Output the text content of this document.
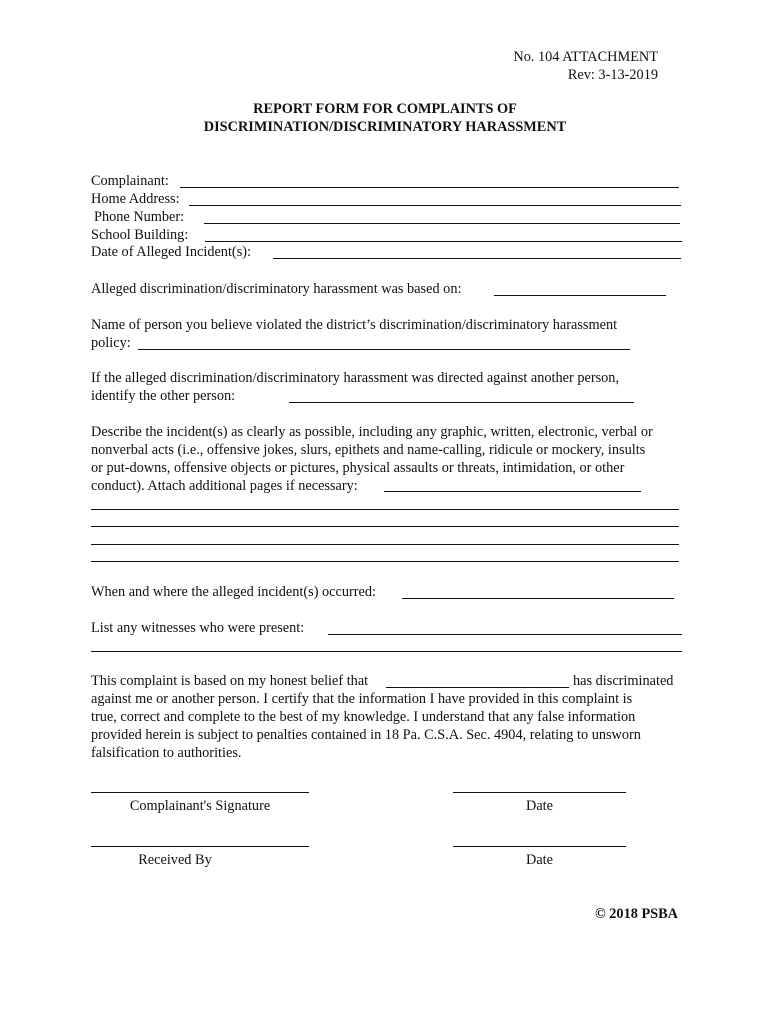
No. 104 ATTACHMENT
Rev: 3-13-2019
REPORT FORM FOR COMPLAINTS OF
DISCRIMINATION/DISCRIMINATORY HARASSMENT
Complainant:
Home Address:
Phone Number:
School Building:
Date of Alleged Incident(s):
Alleged discrimination/discriminatory harassment was based on:
Name of person you believe violated the district’s discrimination/discriminatory harassment
policy:
If the alleged discrimination/discriminatory harassment was directed against another person,
identify the other person:
Describe the incident(s) as clearly as possible, including any graphic, written, electronic, verbal or
nonverbal acts (i.e., offensive jokes, slurs, epithets and name-calling, ridicule or mockery, insults
or put-downs, offensive objects or pictures, physical assaults or threats, intimidation, or other
conduct). Attach additional pages if necessary:
When and where the alleged incident(s) occurred:
List any witnesses who were present:
This complaint is based on my honest belief that	has discriminated
against me or another person. I certify that the information I have provided in this complaint is
true, correct and complete to the best of my knowledge. I understand that any false information
provided herein is subject to penalties contained in 18 Pa. C.S.A. Sec. 4904, relating to unsworn
falsification to authorities.
Complainant's Signature	Date
Received By	Date
© 2018 PSBA
